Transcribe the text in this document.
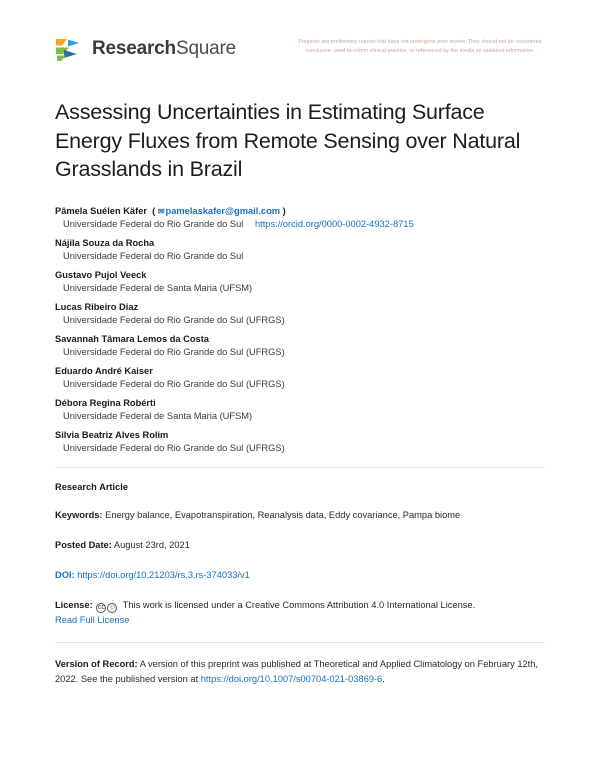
ResearchSquare	Preprints are preliminary reports that have not undergone peer review. They should not be considered conclusive, used to inform clinical practice, or referenced by the media as validated information.
Assessing Uncertainties in Estimating Surface Energy Fluxes from Remote Sensing over Natural Grasslands in Brazil
Pâmela Suélen Käfer  ( ✉pamelaskafer@gmail.com )
Universidade Federal do Rio Grande do Sul https://orcid.org/0000-0002-4932-8715
Nájila Souza da Rocha
Universidade Federal do Rio Grande do Sul
Gustavo Pujol Veeck
Universidade Federal de Santa Maria (UFSM)
Lucas Ribeiro Diaz
Universidade Federal do Rio Grande do Sul (UFRGS)
Savannah Tâmara Lemos da Costa
Universidade Federal do Rio Grande do Sul (UFRGS)
Eduardo André Kaiser
Universidade Federal do Rio Grande do Sul (UFRGS)
Débora Regina Robérti
Universidade Federal de Santa Maria (UFSM)
Silvia Beatriz Alves Rolim
Universidade Federal do Rio Grande do Sul (UFRGS)
Research Article
Keywords: Energy balance, Evapotranspiration, Reanalysis data, Eddy covariance, Pampa biome
Posted Date: August 23rd, 2021
DOI: https://doi.org/10.21203/rs.3.rs-374033/v1
License: cc ☺ This work is licensed under a Creative Commons Attribution 4.0 International License.
Read Full License
Version of Record: A version of this preprint was published at Theoretical and Applied Climatology on February 12th, 2022. See the published version at https://doi.org/10.1007/s00704-021-03869-6.
